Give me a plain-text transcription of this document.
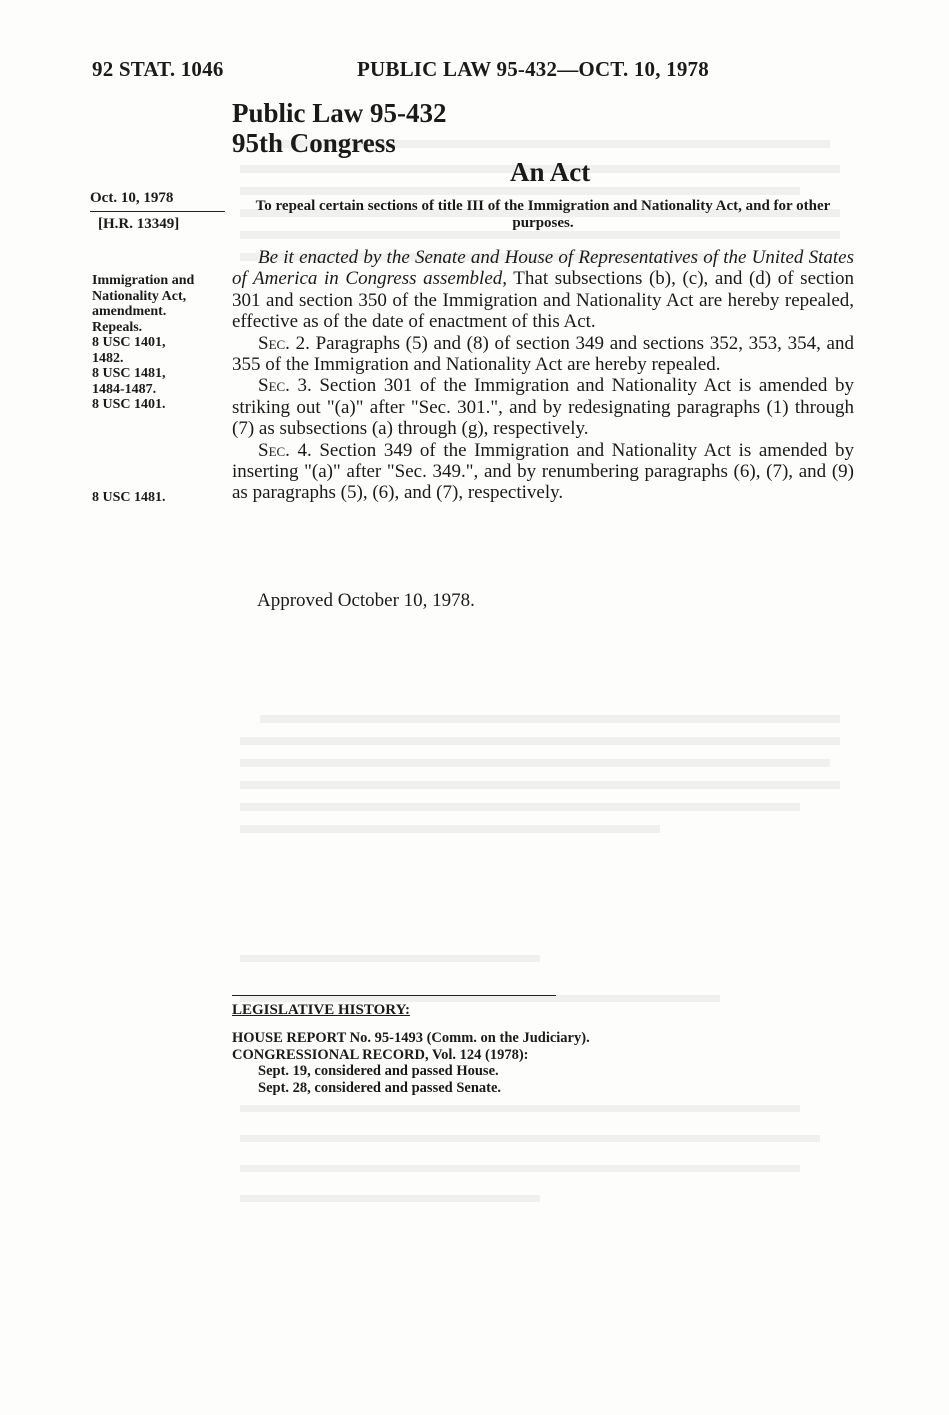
92 STAT. 1046	PUBLIC LAW 95-432—OCT. 10, 1978
Public Law 95-432
95th Congress
An Act
Oct. 10, 1978
[H.R. 13349]
To repeal certain sections of title III of the Immigration and Nationality Act, and for other purposes.
Immigration and
Nationality Act,
amendment.
Repeals.
8 USC 1401,
1482.
8 USC 1481,
1484-1487.
8 USC 1401.
8 USC 1481.

Be it enacted by the Senate and House of Representatives of the United States of America in Congress assembled, That subsections (b), (c), and (d) of section 301 and section 350 of the Immigration and Nationality Act are hereby repealed, effective as of the date of enactment of this Act.

Sec. 2. Paragraphs (5) and (8) of section 349 and sections 352, 353, 354, and 355 of the Immigration and Nationality Act are hereby repealed.

Sec. 3. Section 301 of the Immigration and Nationality Act is amended by striking out "(a)" after "Sec. 301.", and by redesignating paragraphs (1) through (7) as subsections (a) through (g), respectively.

Sec. 4. Section 349 of the Immigration and Nationality Act is amended by inserting "(a)" after "Sec. 349.", and by renumbering paragraphs (6), (7), and (9) as paragraphs (5), (6), and (7), respectively.

Approved October 10, 1978.
LEGISLATIVE HISTORY:
HOUSE REPORT No. 95-1493 (Comm. on the Judiciary).
CONGRESSIONAL RECORD, Vol. 124 (1978):
Sept. 19, considered and passed House.
Sept. 28, considered and passed Senate.
